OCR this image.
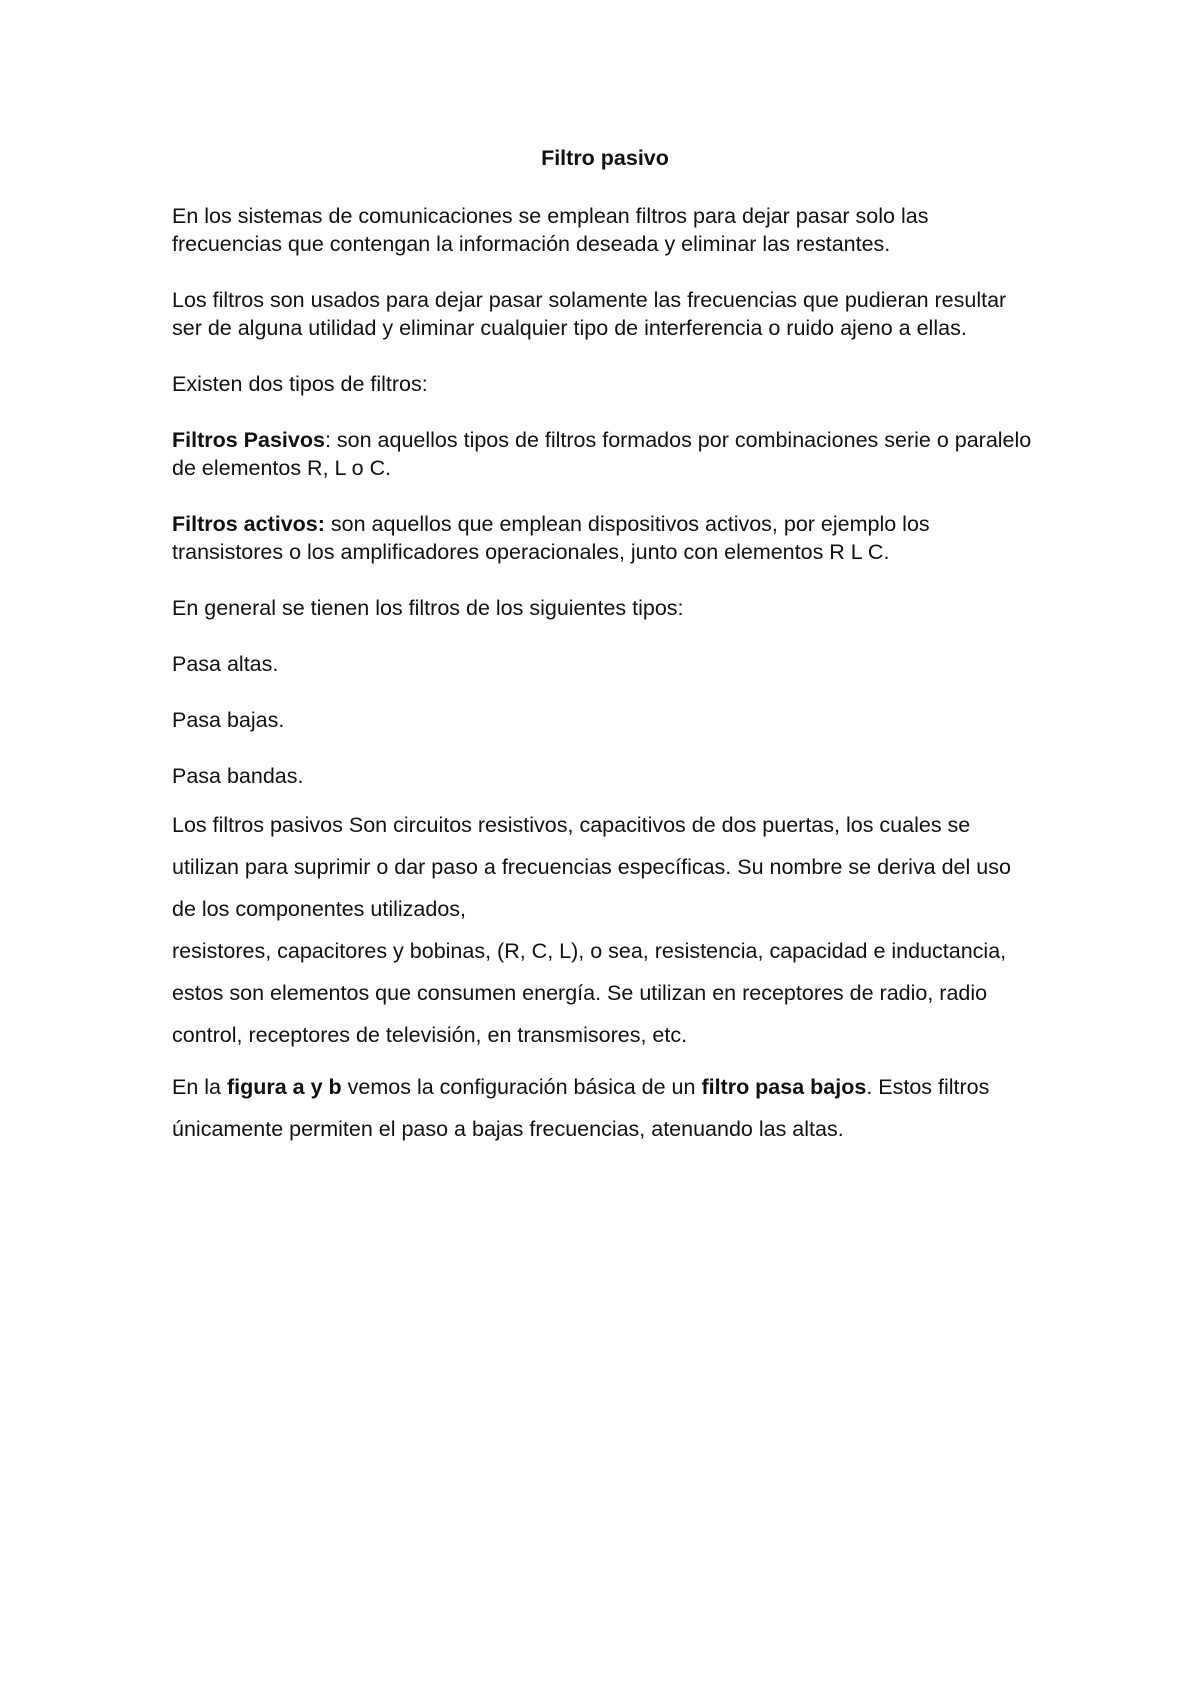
Filtro pasivo

En los sistemas de comunicaciones se emplean filtros para dejar pasar solo las frecuencias que contengan la información deseada y eliminar las restantes.

Los filtros son usados para dejar pasar solamente las frecuencias que pudieran resultar ser de alguna utilidad y eliminar cualquier tipo de interferencia o ruido ajeno a ellas.

Existen dos tipos de filtros:

Filtros Pasivos: son aquellos tipos de filtros formados por combinaciones serie o paralelo de elementos R, L o C.

Filtros activos: son aquellos que emplean dispositivos activos, por ejemplo los transistores o los amplificadores operacionales, junto con elementos R L C.

En general se tienen los filtros de los siguientes tipos:

Pasa altas.

Pasa bajas.

Pasa bandas.

Los filtros pasivos Son circuitos resistivos, capacitivos de dos puertas, los cuales se utilizan para suprimir o dar paso a frecuencias específicas. Su nombre se deriva del uso de los componentes utilizados,
resistores, capacitores y bobinas, (R, C, L), o sea, resistencia, capacidad e inductancia, estos son elementos que consumen energía. Se utilizan en receptores de radio, radio control, receptores de televisión, en transmisores, etc.

En la figura a y b vemos la configuración básica de un filtro pasa bajos. Estos filtros únicamente permiten el paso a bajas frecuencias, atenuando las altas.
